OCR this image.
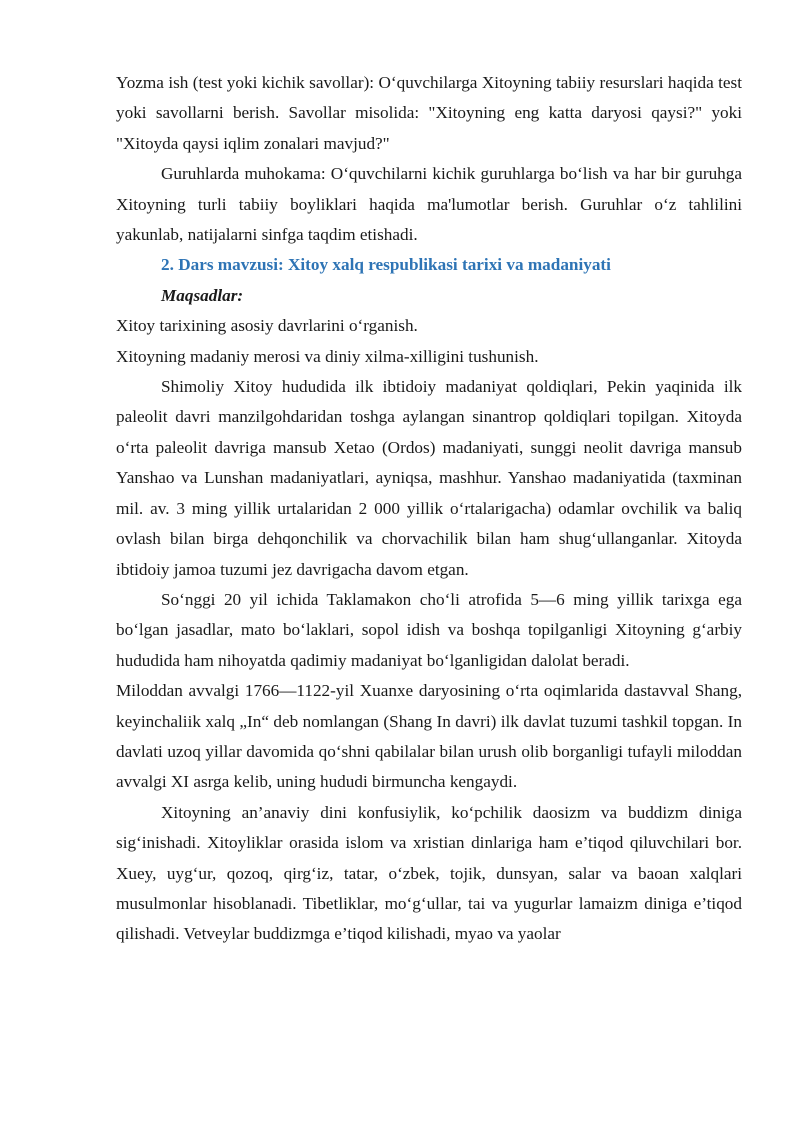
Yozma ish (test yoki kichik savollar): O‘quvchilarga Xitoyning tabiiy resurslari haqida test yoki savollarni berish. Savollar misolida: "Xitoyning eng katta daryosi qaysi?" yoki "Xitoyda qaysi iqlim zonalari mavjud?"

Guruhlarda muhokama: O‘quvchilarni kichik guruhlarga bo‘lish va har bir guruhga Xitoyning turli tabiiy boyliklari haqida ma'lumotlar berish. Guruhlar o‘z tahlilini yakunlab, natijalarni sinfga taqdim etishadi.

2. Dars mavzusi: Xitoy xalq respublikasi tarixi va madaniyati

Maqsadlar:

Xitoy tarixining asosiy davrlarini o‘rganish.

Xitoyning madaniy merosi va diniy xilma-xilligini tushunish.

Shimoliy Xitoy hududida ilk ibtidoiy madaniyat qoldiqlari, Pekin yaqinida ilk paleolit davri manzilgohdaridan toshga aylangan sinantrop qoldiqlari topilgan. Xitoyda o‘rta paleolit davriga mansub Xetao (Ordos) madaniyati, sunggi neolit davriga mansub Yanshao va Lunshan madaniyatlari, ayniqsa, mashhur. Yanshao madaniyatida (taxminan mil. av. 3 ming yillik urtalaridan 2 000 yillik o‘rtalarigacha) odamlar ovchilik va baliq ovlash bilan birga dehqonchilik va chorvachilik bilan ham shug‘ullanganlar. Xitoyda ibtidoiy jamoa tuzumi jez davrigacha davom etgan.

So‘nggi 20 yil ichida Taklamakon cho‘li atrofida 5—6 ming yillik tarixga ega bo‘lgan jasadlar, mato bo‘laklari, sopol idish va boshqa topilganligi Xitoyning g‘arbiy hududida ham nihoyatda qadimiy madaniyat bo‘lganligidan dalolat beradi.

Miloddan avvalgi 1766—1122-yil Xuanxe daryosining o‘rta oqimlarida dastavval Shang, keyinchaliik xalq „In“ deb nomlangan (Shang In davri) ilk davlat tuzumi tashkil topgan. In davlati uzoq yillar davomida qo‘shni qabilalar bilan urush olib borganligi tufayli miloddan avvalgi XI asrga kelib, uning hududi birmuncha kengaydi.

Xitoyning an’anaviy dini konfusiylik, ko‘pchilik daosizm va buddizm diniga sig‘inishadi. Xitoyliklar orasida islom va xristian dinlariga ham e’tiqod qiluvchilari bor. Xuey, uyg‘ur, qozoq, qirg‘iz, tatar, o‘zbek, tojik, dunsyan, salar va baoan xalqlari musulmonlar hisoblanadi. Tibetliklar, mo‘g‘ullar, tai va yugurlar lamaizm diniga e’tiqod qilishadi. Vetveylar buddizmga e’tiqod kilishadi, myao va yaolar
